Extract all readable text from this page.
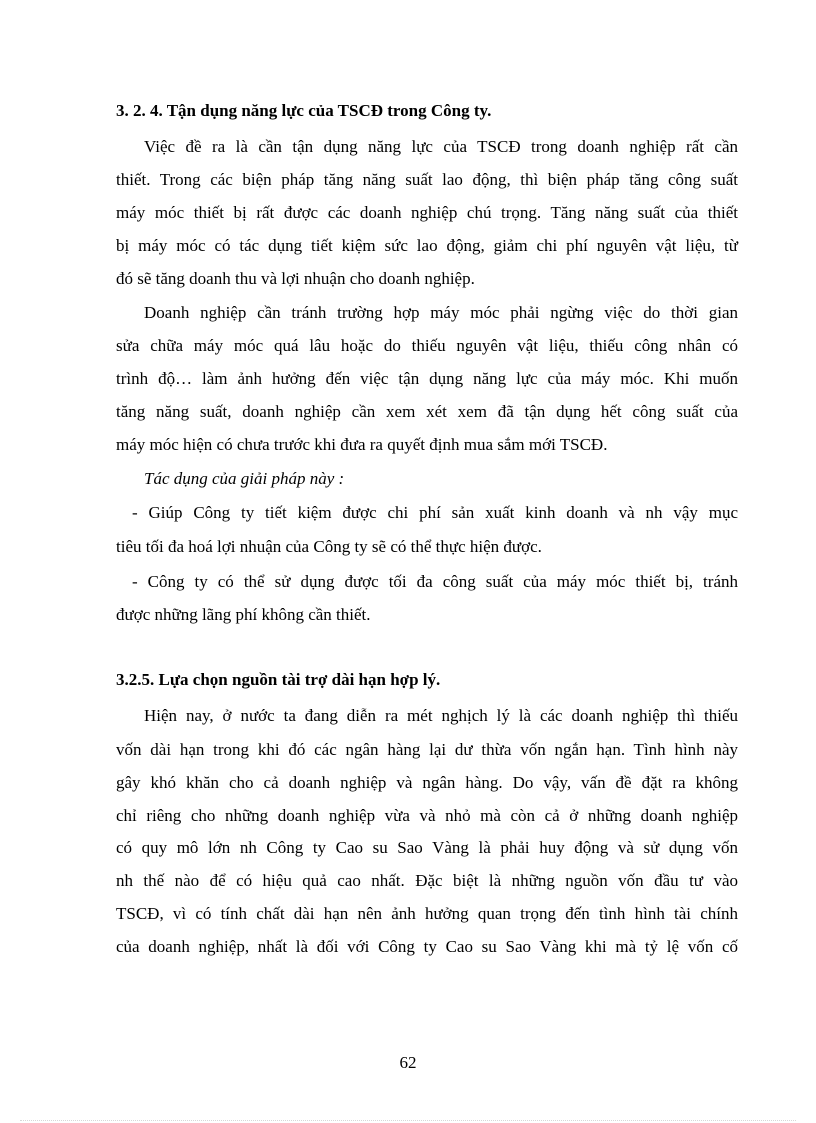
3. 2. 4. Tận dụng năng lực của TSCĐ trong Công ty.
Việc đề ra là cần tận dụng năng lực của TSCĐ trong doanh nghiệp rất cần
thiết. Trong các biện pháp tăng năng suất lao động, thì biện pháp tăng công suất
máy móc thiết bị rất được các doanh nghiệp chú trọng. Tăng năng suất của thiết
bị máy móc có tác dụng tiết kiệm sức lao động, giảm chi phí nguyên vật liệu, từ
đó sẽ tăng doanh thu và lợi nhuận cho doanh nghiệp.
Doanh nghiệp cần tránh trường hợp máy móc phải ngừng việc do thời gian
sửa chữa máy móc quá lâu hoặc do thiếu nguyên vật liệu, thiếu công nhân có
trình độ… làm ảnh hưởng đến việc tận dụng năng lực của máy móc. Khi muốn
tăng năng suất, doanh nghiệp cần xem xét xem đã tận dụng hết công suất của
máy móc hiện có chưa trước khi đưa ra quyết định mua sắm mới TSCĐ.
Tác dụng của giải pháp này :
- Giúp Công ty tiết kiệm được chi phí sản xuất kinh doanh và nh vậy mục
tiêu tối đa hoá lợi nhuận của Công ty sẽ có thể thực hiện được.
- Công ty có thể sử dụng được tối đa công suất của máy móc thiết bị, tránh
được những lãng phí không cần thiết.
3.2.5. Lựa chọn nguồn tài trợ dài hạn hợp lý.
Hiện nay, ở nước ta đang diễn ra mét nghịch lý là các doanh nghiệp thì thiếu
vốn dài hạn trong khi đó các ngân hàng lại dư thừa vốn ngắn hạn. Tình hình này
gây khó khăn cho cả doanh nghiệp và ngân hàng. Do vậy, vấn đề đặt ra không
chỉ riêng cho những doanh nghiệp vừa và nhỏ mà còn cả ở những doanh nghiệp
có quy mô lớn nh Công ty Cao su Sao Vàng là phải huy động và sử dụng vốn
nh thế nào để có hiệu quả cao nhất. Đặc biệt là những nguồn vốn đầu tư vào
TSCĐ, vì có tính chất dài hạn nên ảnh hưởng quan trọng đến tình hình tài chính
của doanh nghiệp, nhất là đối với Công ty Cao su Sao Vàng khi mà tỷ lệ vốn cố
62
